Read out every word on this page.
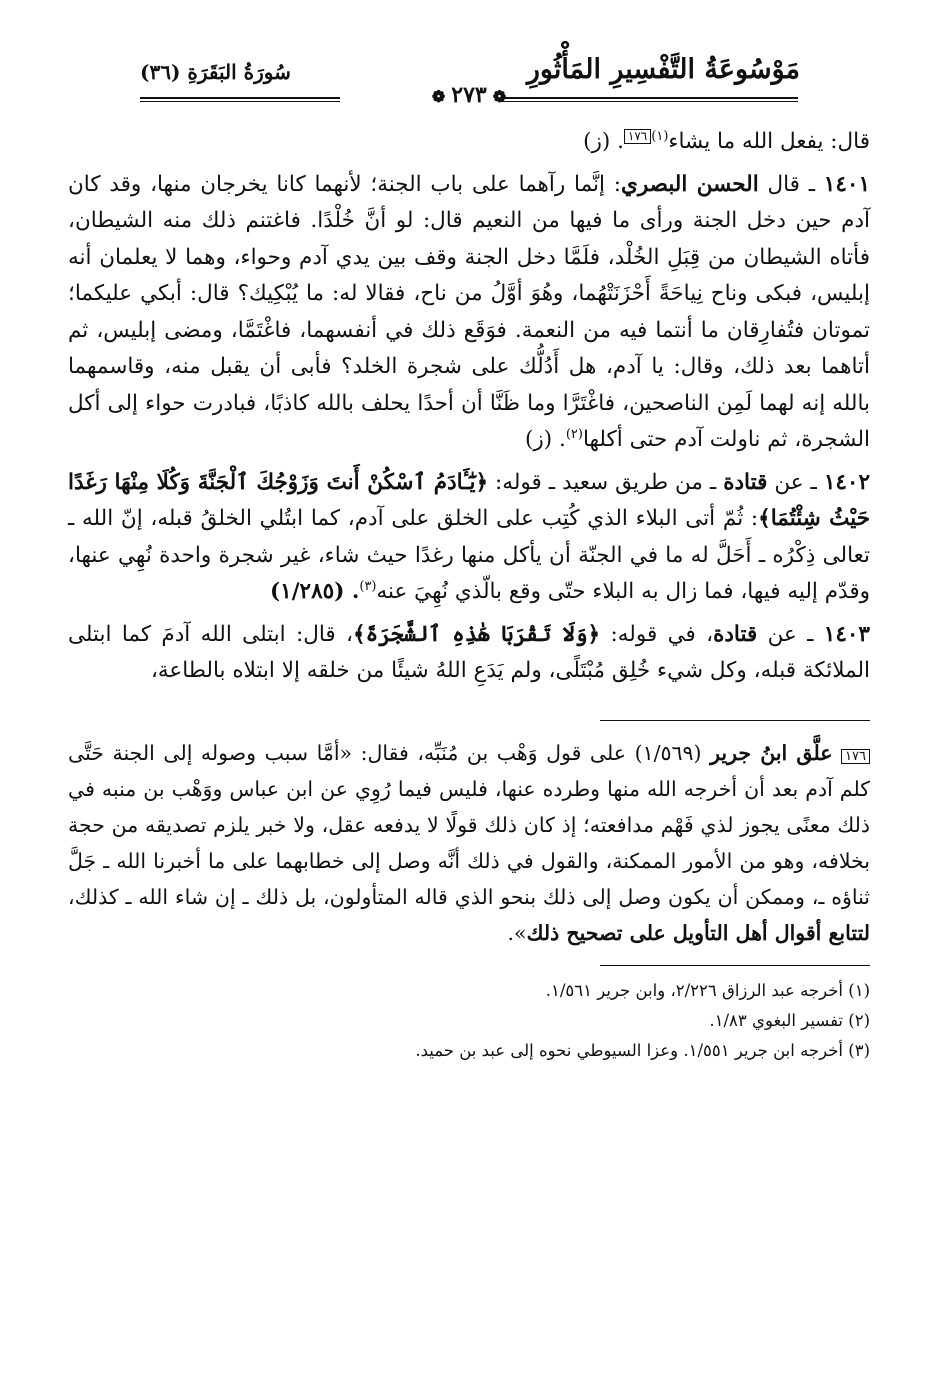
مَوْسُوعَةُ التَّفْسِيرِ المَأْثُورِ
سُورَةُ البَقَرَةِ (٣٦)
❁٢٧٣❁

قال: يفعل الله ما يشاء$^{(١)}$١٧٦. (ز)

١٤٠١ ـ قال الحسن البصري: إنَّما رآهما على باب الجنة؛ لأنهما كانا يخرجان منها، وقد كان آدم حين دخل الجنة ورأى ما فيها من النعيم قال: لو أنَّ خُلْدًا. فاغتنم ذلك منه الشيطان، فأتاه الشيطان من قِبَلِ الخُلْد، فلَمَّا دخل الجنة وقف بين يدي آدم وحواء، وهما لا يعلمان أنه إبليس، فبكى وناح نِياحَةً أَحْزَنَتْهُما، وهُوَ أوَّلُ من ناح، فقالا له: ما يُبْكِيك؟ قال: أبكي عليكما؛ تموتان فتُفارِقان ما أنتما فيه من النعمة. فوَقَع ذلك في أنفسهما، فاغْتَمَّا، ومضى إبليس، ثم أتاهما بعد ذلك، وقال: يا آدم، هل أَدُلُّك على شجرة الخلد؟ فأبى أن يقبل منه، وقاسمهما بالله إنه لهما لَمِن الناصحين، فاغْتَرَّا وما ظَنَّا أن أحدًا يحلف بالله كاذبًا، فبادرت حواء إلى أكل الشجرة، ثم ناولت آدم حتى أكلها$^{(٢)}$. (ز)

١٤٠٢ ـ عن قتادة ـ من طريق سعيد ـ قوله: ﴿يَٰٓـَٔادَمُ ٱسْكُنْ أَنتَ وَزَوْجُكَ ٱلْجَنَّةَ وَكُلَا مِنْهَا رَغَدًا حَيْثُ شِئْتُمَا﴾: ثُمّ أتى البلاء الذي كُتِب على الخلق على آدم، كما ابتُلي الخلقُ قبله، إنّ الله ـ تعالى ذِكْرُه ـ أَحَلَّ له ما في الجنّة أن يأكل منها رغدًا حيث شاء، غير شجرة واحدة نُهِي عنها، وقدّم إليه فيها، فما زال به البلاء حتّى وقع بالّذي نُهِيَ عنه$^{(٣)}$. (١/٢٨٥)

١٤٠٣ ـ عن قتادة، في قوله: ﴿وَلَا تَقْرَبَا هَٰذِهِ ٱلشَّجَرَةَ﴾، قال: ابتلى الله آدمَ كما ابتلى الملائكة قبله، وكل شيء خُلِق مُبْتَلًى، ولم يَدَعِ اللهُ شيئًا من خلقه إلا ابتلاه بالطاعة،

١٧٦ علَّق ابنُ جرير (١/٥٦٩) على قول وَهْب بن مُنَبِّه، فقال: «أمَّا سبب وصوله إلى الجنة حَتَّى كلم آدم بعد أن أخرجه الله منها وطرده عنها، فليس فيما رُوِي عن ابن عباس ووَهْب بن منبه في ذلك معنًى يجوز لذي فَهْم مدافعته؛ إذ كان ذلك قولًا لا يدفعه عقل، ولا خبر يلزم تصديقه من حجة بخلافه، وهو من الأمور الممكنة، والقول في ذلك أنَّه وصل إلى خطابهما على ما أخبرنا الله ـ جَلَّ ثناؤه ـ، وممكن أن يكون وصل إلى ذلك بنحو الذي قاله المتأولون، بل ذلك ـ إن شاء الله ـ كذلك، لتتابع أقوال أهل التأويل على تصحيح ذلك».

(١) أخرجه عبد الرزاق ٢/٢٢٦، وابن جرير ١/٥٦١.

(٢) تفسير البغوي ١/٨٣.

(٣) أخرجه ابن جرير ١/٥٥١. وعزا السيوطي نحوه إلى عبد بن حميد.
